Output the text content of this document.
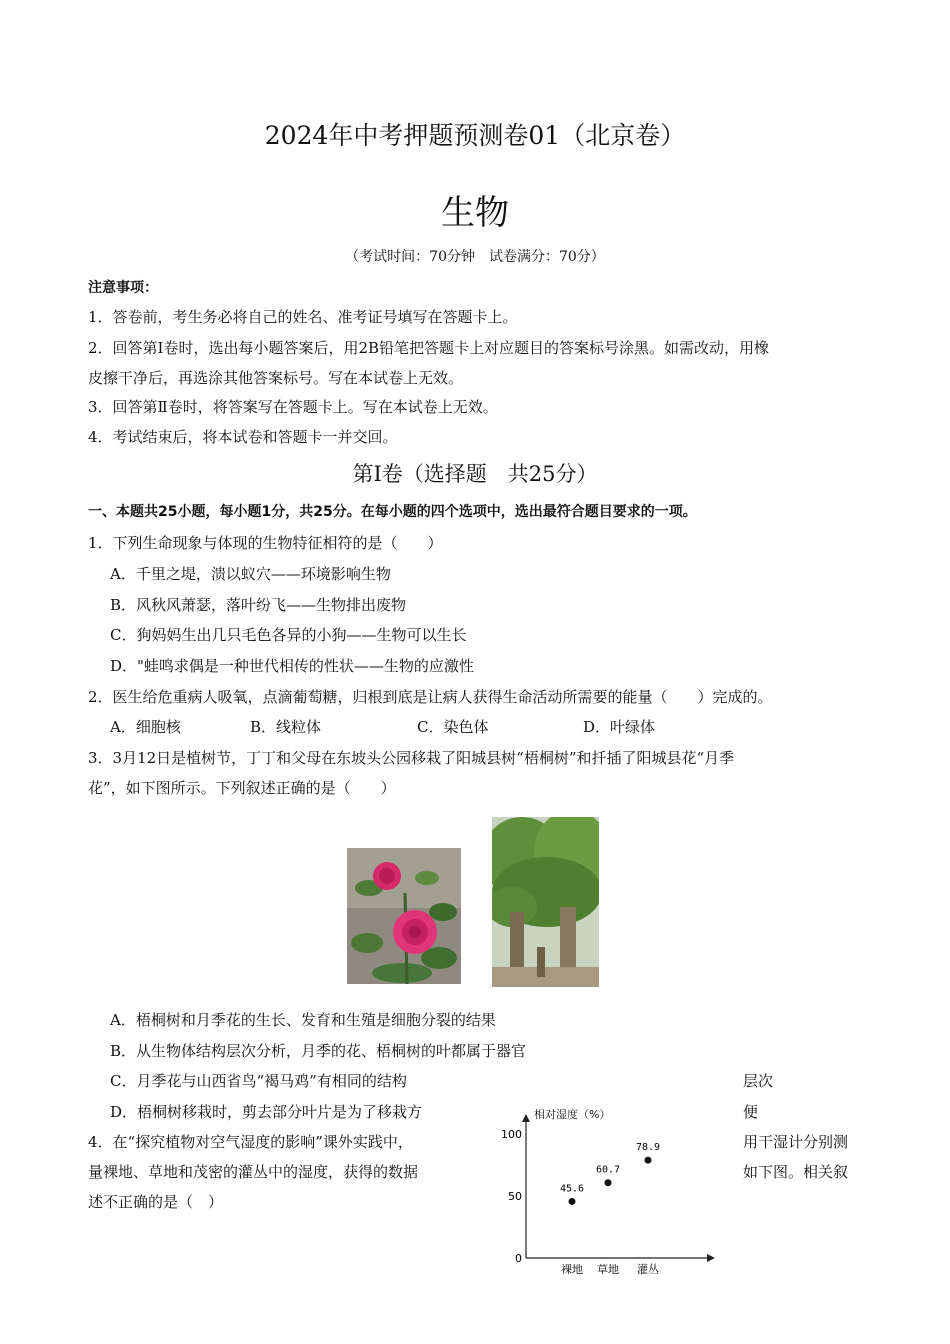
2024年中考押题预测卷01（北京卷）
生物
（考试时间：70分钟　试卷满分：70分）
注意事项：
1．答卷前，考生务必将自己的姓名、准考证号填写在答题卡上。
2．回答第Ⅰ卷时，选出每小题答案后，用2B铅笔把答题卡上对应题目的答案标号涂黑。如需改动，用橡
皮擦干净后，再选涂其他答案标号。写在本试卷上无效。
3．回答第Ⅱ卷时，将答案写在答题卡上。写在本试卷上无效。
4．考试结束后，将本试卷和答题卡一并交回。
第Ⅰ卷（选择题　共25分）
一、本题共25小题，每小题1分，共25分。在每小题的四个选项中，选出最符合题目要求的一项。
1．下列生命现象与体现的生物特征相符的是（　　）
A．千里之堤，溃以蚁穴——环境影响生物
B．风秋风萧瑟，落叶纷飞——生物排出废物
C．狗妈妈生出几只毛色各异的小狗——生物可以生长
D．"蛙鸣求偶是一种世代相传的性状——生物的应激性
2．医生给危重病人吸氧，点滴葡萄糖，归根到底是让病人获得生命活动所需要的能量（　　）完成的。
A．细胞核	B．线粒体	C．染色体	D．叶绿体
3．3月12日是植树节，丁丁和父母在东坡头公园移栽了阳城县树“梧桐树”和扦插了阳城县花“月季
花”，如下图所示。下列叙述正确的是（　　）
A．梧桐树和月季花的生长、发育和生殖是细胞分裂的结果
B．从生物体结构层次分析，月季的花、梧桐树的叶都属于器官
C．月季花与山西省鸟“褐马鸡”有相同的结构	层次
D．梧桐树移栽时，剪去部分叶片是为了移栽方	便
4．在“探究植物对空气湿度的影响”课外实践中，	用干湿计分别测
量裸地、草地和茂密的灌丛中的湿度，获得的数据	如下图。相关叙
述不正确的是（　）
相对湿度（%）
0
50
100
45.6
裸地
60.7
草地
78.9
灌丛
